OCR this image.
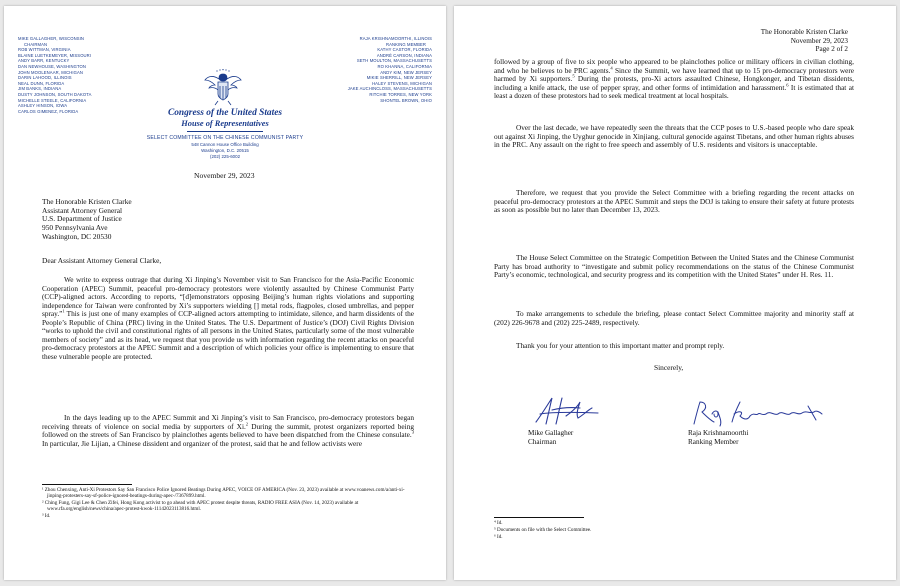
MIKE GALLAGHER, WISCONSIN
CHAIRMAN
ROB WITTMAN, VIRGINIA
BLAINE LUETKEMEYER, MISSOURI
ANDY BARR, KENTUCKY
DAN NEWHOUSE, WASHINGTON
JOHN MOOLENAAR, MICHIGAN
DARIN LAHOOD, ILLINOIS
NEAL DUNN, FLORIDA
JIM BANKS, INDIANA
DUSTY JOHNSON, SOUTH DAKOTA
MICHELLE STEELE, CALIFORNIA
ASHLEY HINSON, IOWA
CARLOS GIMENEZ, FLORIDA
RAJA KRISHNAMOORTHI, ILLINOIS
RANKING MEMBER
KATHY CASTOR, FLORIDA
ANDRÉ CARSON, INDIANA
SETH MOULTON, MASSACHUSETTS
RO KHANNA, CALIFORNIA
ANDY KIM, NEW JERSEY
MIKIE SHERRILL, NEW JERSEY
HALEY STEVENS, MICHIGAN
JAKE AUCHINCLOSS, MASSACHUSETTS
RITCHIE TORRES, NEW YORK
SHONTEL BROWN, OHIO
Congress of the United States
House of Representatives
SELECT COMMITTEE ON THE CHINESE COMMUNIST PARTY
548 Cannon House Office Building
Washington, D.C. 20515
(202) 225-6002
November 29, 2023
The Honorable Kristen Clarke
Assistant Attorney General
U.S. Department of Justice
950 Pennsylvania Ave
Washington, DC 20530
Dear Assistant Attorney General Clarke,
We write to express outrage that during Xi Jinping’s November visit to San Francisco for the Asia-Pacific Economic Cooperation (APEC) Summit, peaceful pro-democracy protestors were violently assaulted by Chinese Communist Party (CCP)-aligned actors. According to reports, “[d]emonstrators opposing Beijing’s human rights violations and supporting independence for Taiwan were confronted by Xi’s supporters wielding [] metal rods, flagpoles, closed umbrellas, and pepper spray.”$^1$ This is just one of many examples of CCP-aligned actors attempting to intimidate, silence, and harm dissidents of the People’s Republic of China (PRC) living in the United States. The U.S. Department of Justice’s (DOJ) Civil Rights Division “works to uphold the civil and constitutional rights of all persons in the United States, particularly some of the most vulnerable members of society” and as its head, we request that you provide us with information regarding the recent attacks on peaceful pro-democracy protestors at the APEC Summit and a description of which policies your office is implementing to ensure that these vulnerable people are protected.
In the days leading up to the APEC Summit and Xi Jinping’s visit to San Francisco, pro-democracy protestors began receiving threats of violence on social media by supporters of Xi.$^2$ During the summit, protest organizers reported being followed on the streets of San Francisco by plainclothes agents believed to have been dispatched from the Chinese consulate.$^3$ In particular, Jie Lijian, a Chinese dissident and organizer of the protest, said that he and fellow activists were

¹ Zhou Chenxing, Anti-Xi Protestors Say San Francisco Police Ignored Beatings During APEC, VOICE OF AMERICA (Nov. 23, 2023) available at www.voanews.com/a/anti-xi-jinping-protesters-say-sf-police-ignored-beatings-during-apec-/7367899.html.

² Ching Fung, Gigi Lee & Chen Zifei, Hong Kong activist to go ahead with APEC protest despite threats, RADIO FREE ASIA (Nov. 14, 2023) available at www.rfa.org/english/news/china/apec-protest-kwok-11142023113816.html.

³ Id.

The Honorable Kristen Clarke
November 29, 2023
Page 2 of 2
followed by a group of five to six people who appeared to be plainclothes police or military officers in civilian clothing, and who he believes to be PRC agents.$^4$ Since the Summit, we have learned that up to 15 pro-democracy protestors were harmed by Xi supporters.$^5$ During the protests, pro-Xi actors assaulted Chinese, Hongkonger, and Tibetan dissidents, including a knife attack, the use of pepper spray, and other forms of intimidation and harassment.$^6$ It is estimated that at least a dozen of these protestors had to seek medical treatment at local hospitals.
Over the last decade, we have repeatedly seen the threats that the CCP poses to U.S.-based people who dare speak out against Xi Jinping, the Uyghur genocide in Xinjiang, cultural genocide against Tibetans, and other human rights abuses in the PRC. Any assault on the right to free speech and assembly of U.S. residents and visitors is unacceptable.
Therefore, we request that you provide the Select Committee with a briefing regarding the recent attacks on peaceful pro-democracy protestors at the APEC Summit and steps the DOJ is taking to ensure their safety at future protests as soon as possible but no later than December 13, 2023.
The House Select Committee on the Strategic Competition Between the United States and the Chinese Communist Party has broad authority to “investigate and submit policy recommendations on the status of the Chinese Communist Party’s economic, technological, and security progress and its competition with the United States” under H. Res. 11.
To make arrangements to schedule the briefing, please contact Select Committee majority and minority staff at (202) 226-9678 and (202) 225-2489, respectively.
Thank you for your attention to this important matter and prompt reply.
Sincerely,
Mike Gallagher
Chairman
Raja Krishnamoorthi
Ranking Member

⁴ Id.

⁵ Documents on file with the Select Committee.

⁶ Id.
